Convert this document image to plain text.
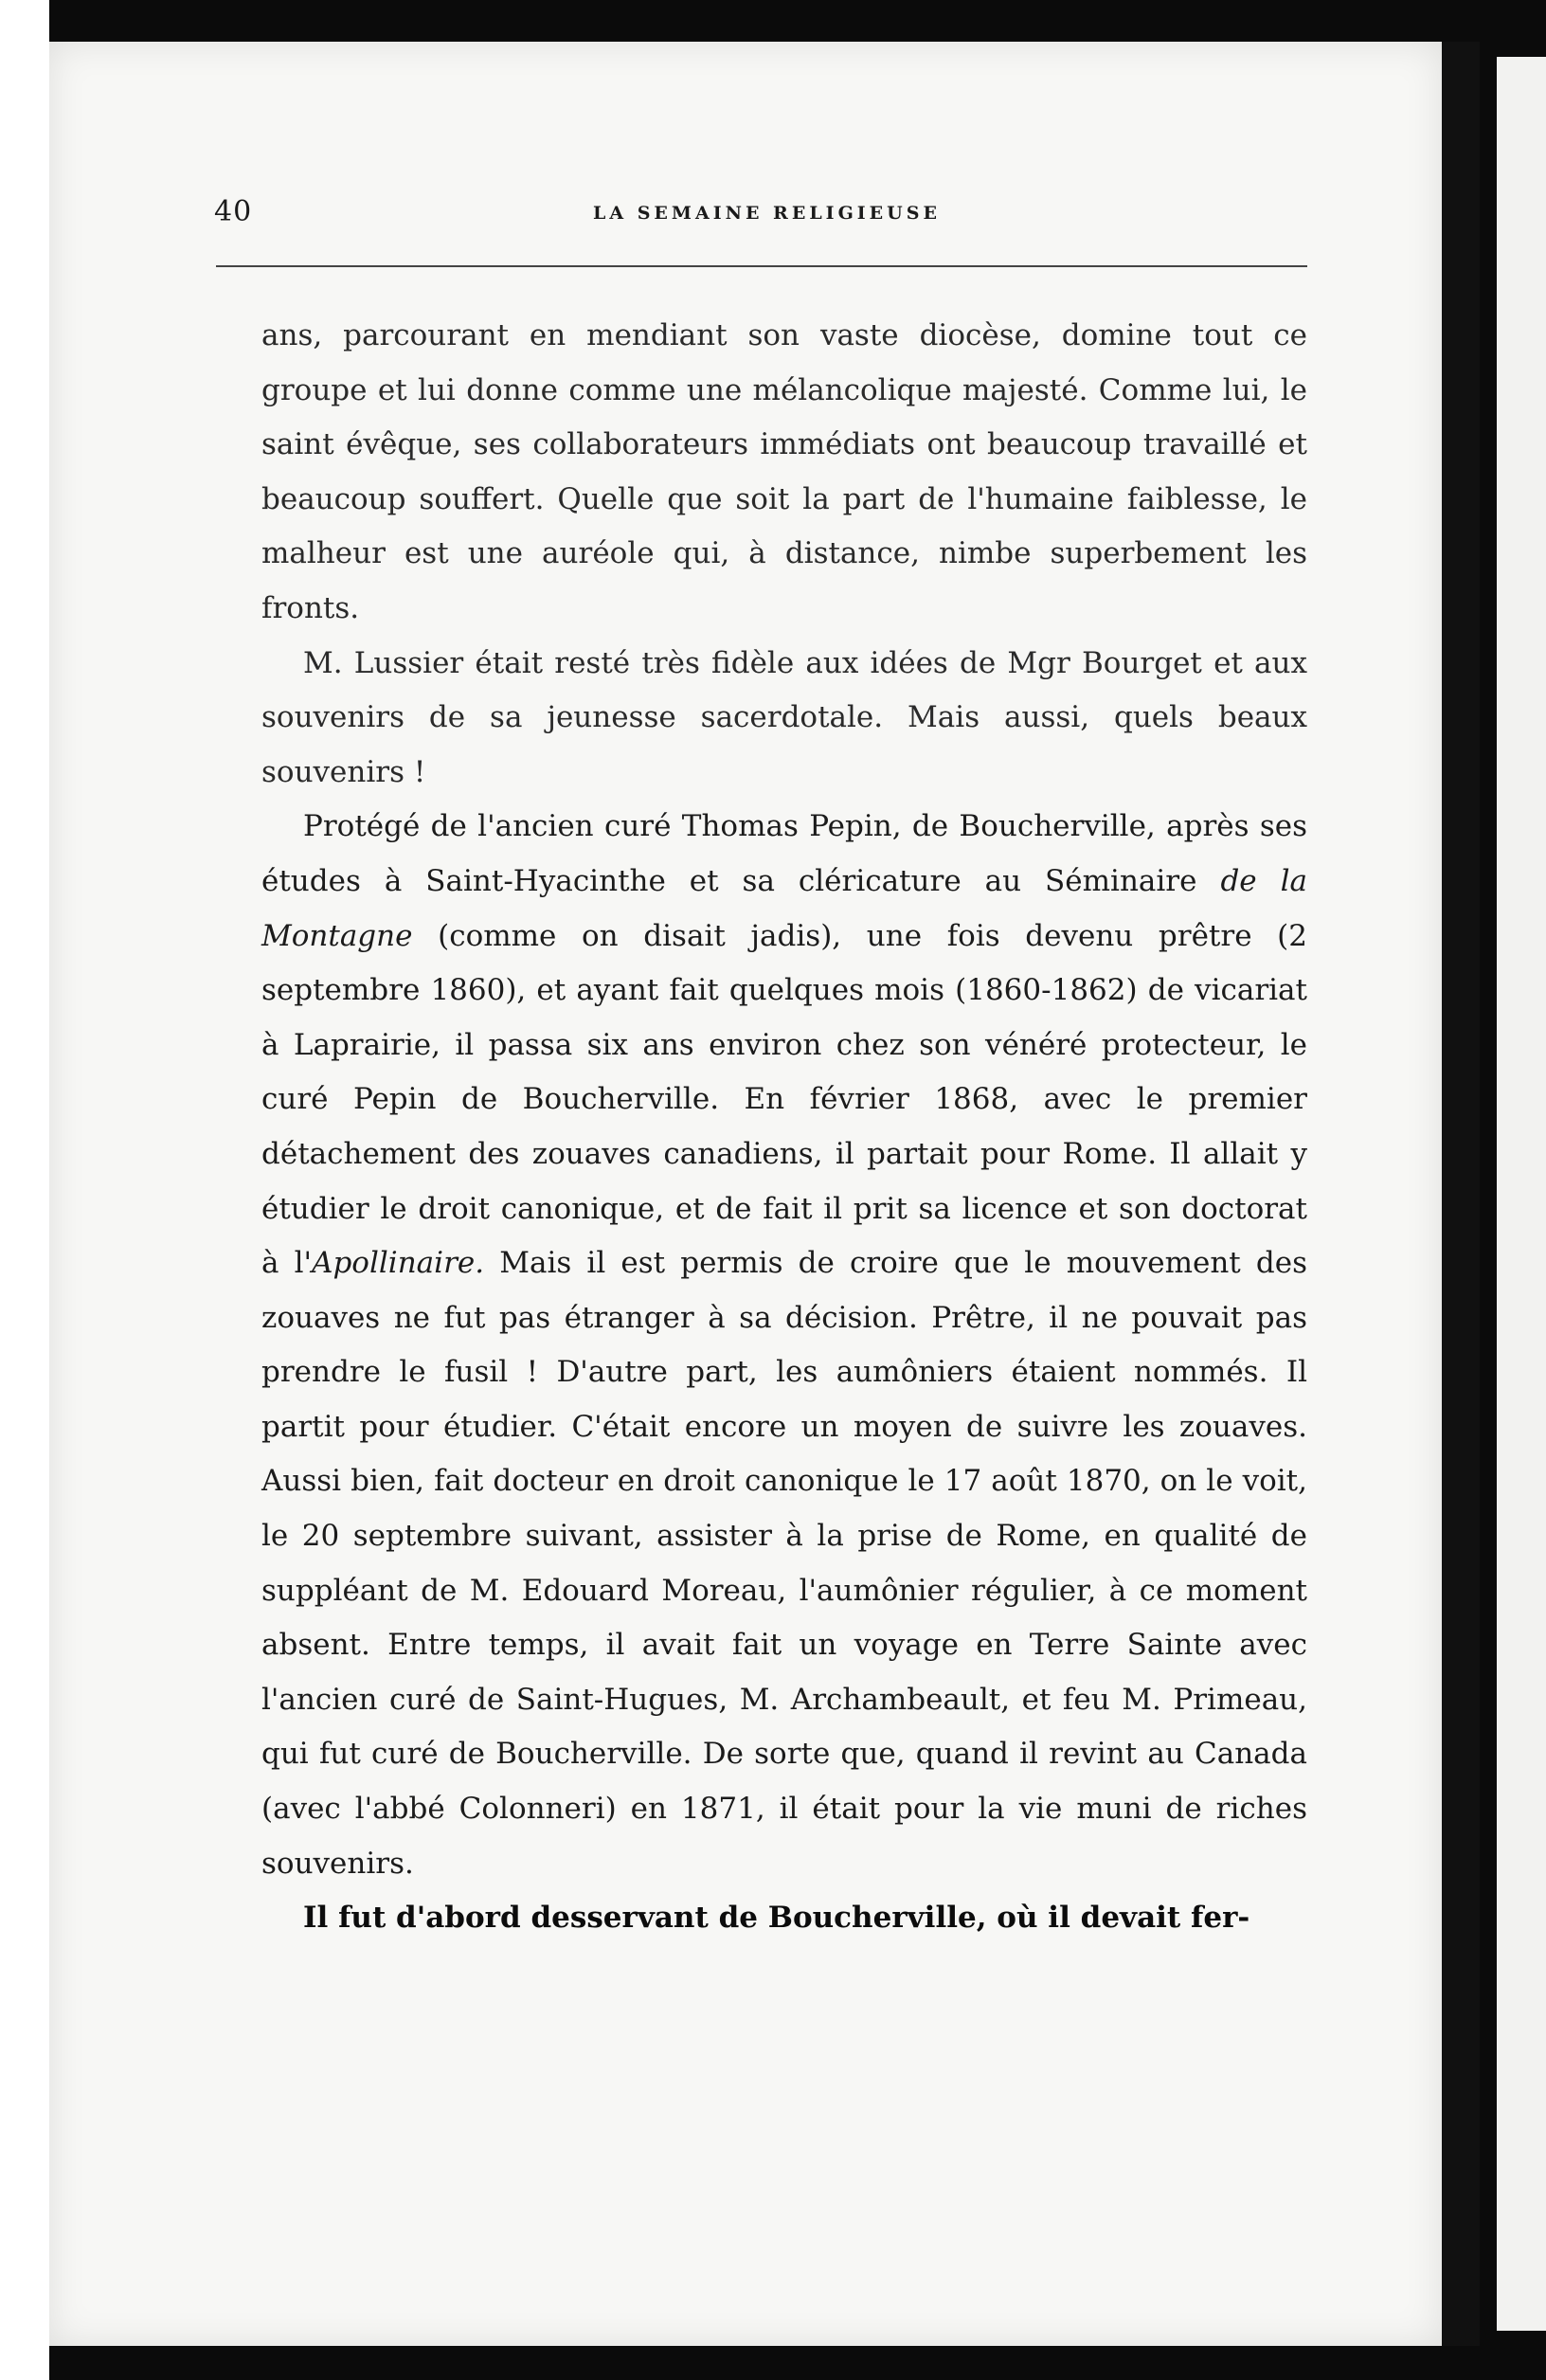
40	LA SEMAINE RELIGIEUSE

ans, parcourant en mendiant son vaste diocèse, domine tout ce groupe et lui donne comme une mélancolique majesté. Comme lui, le saint évêque, ses collaborateurs immédiats ont beaucoup travaillé et beaucoup souffert. Quelle que soit la part de l'humaine faiblesse, le malheur est une auréole qui, à distance, nimbe superbement les fronts.

M. Lussier était resté très fidèle aux idées de Mgr Bourget et aux souvenirs de sa jeunesse sacerdotale. Mais aussi, quels beaux souvenirs !

Protégé de l'ancien curé Thomas Pepin, de Boucherville, après ses études à Saint-Hyacinthe et sa cléricature au Séminaire de la Montagne (comme on disait jadis), une fois devenu prêtre (2 septembre 1860), et ayant fait quelques mois (1860-1862) de vicariat à Laprairie, il passa six ans environ chez son vénéré protecteur, le curé Pepin de Boucherville. En février 1868, avec le premier détachement des zouaves canadiens, il partait pour Rome. Il allait y étudier le droit canonique, et de fait il prit sa licence et son doctorat à l'Apollinaire. Mais il est permis de croire que le mouvement des zouaves ne fut pas étranger à sa décision. Prêtre, il ne pouvait pas prendre le fusil ! D'autre part, les aumôniers étaient nommés. Il partit pour étudier. C'était encore un moyen de suivre les zouaves. Aussi bien, fait docteur en droit canonique le 17 août 1870, on le voit, le 20 septembre suivant, assister à la prise de Rome, en qualité de suppléant de M. Edouard Moreau, l'aumônier régulier, à ce moment absent. Entre temps, il avait fait un voyage en Terre Sainte avec l'ancien curé de Saint-Hugues, M. Archambeault, et feu M. Primeau, qui fut curé de Boucherville. De sorte que, quand il revint au Canada (avec l'abbé Colonneri) en 1871, il était pour la vie muni de riches souvenirs.

Il fut d'abord desservant de Boucherville, où il devait fer-
